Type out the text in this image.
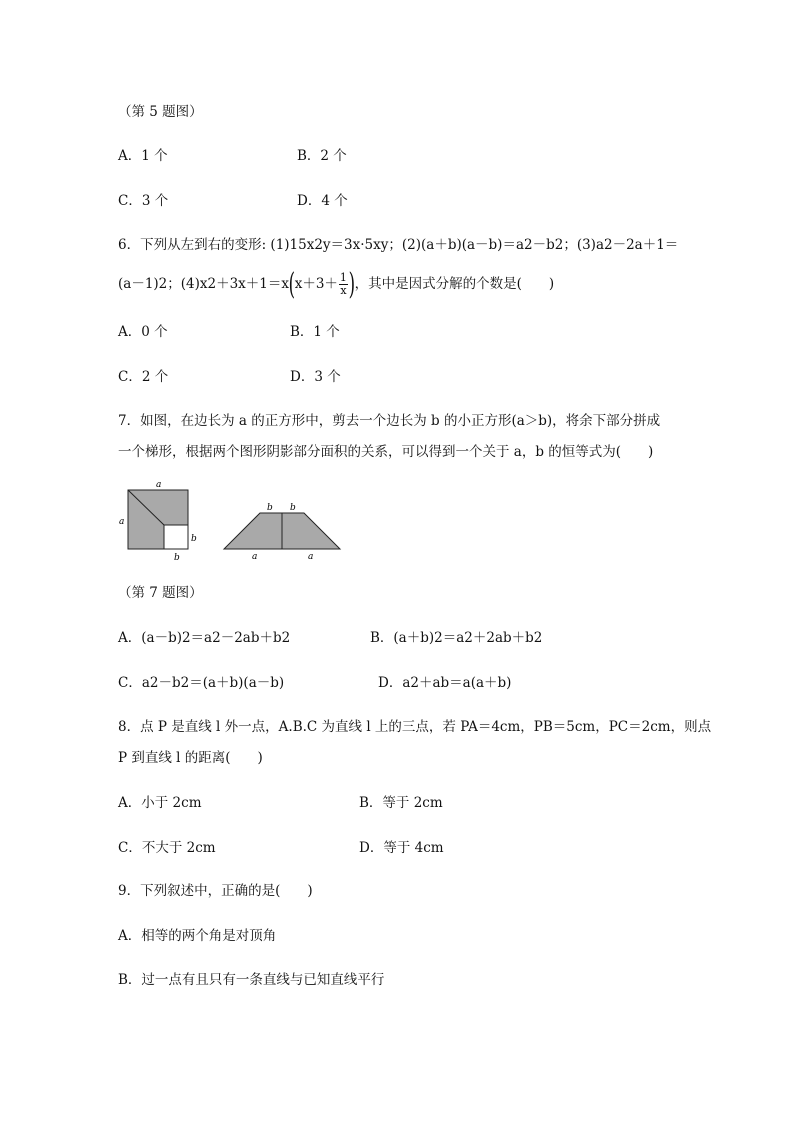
（第 5 题图）
A．1 个	B．2 个
C．3 个	D．4 个
6．下列从左到右的变形: (1)15x2y＝3x·5xy；(2)(a＋b)(a－b)＝a2－b2；(3)a2－2a＋1＝
(a－1)2；$(4)x2+3x+1=x(x+3+ \frac{1}{x}$ )，其中是因式分解的个数是(　　)
A．0 个	B．1 个
C．2 个	D．3 个
7．如图，在边长为 a 的正方形中，剪去一个边长为 b 的小正方形(a＞b)，将余下部分拼成
一个梯形，根据两个图形阴影部分面积的关系，可以得到一个关于 a，b 的恒等式为(　　)
a
a
b
b
b b
a	a
（第 7 题图）
A．(a－b)2＝a2－2ab＋b2	B．(a＋b)2＝a2＋2ab＋b2
C．a2－b2＝(a＋b)(a－b)	D．a2＋ab＝a(a＋b)
8．点 P 是直线 l 外一点，A.B.C 为直线 l 上的三点，若 PA＝4cm，PB＝5cm，PC＝2cm，则点
P 到直线 l 的距离(　　)
A．小于 2cm	B．等于 2cm
C．不大于 2cm	D．等于 4cm
9．下列叙述中，正确的是(　　)
A．相等的两个角是对顶角
B．过一点有且只有一条直线与已知直线平行
